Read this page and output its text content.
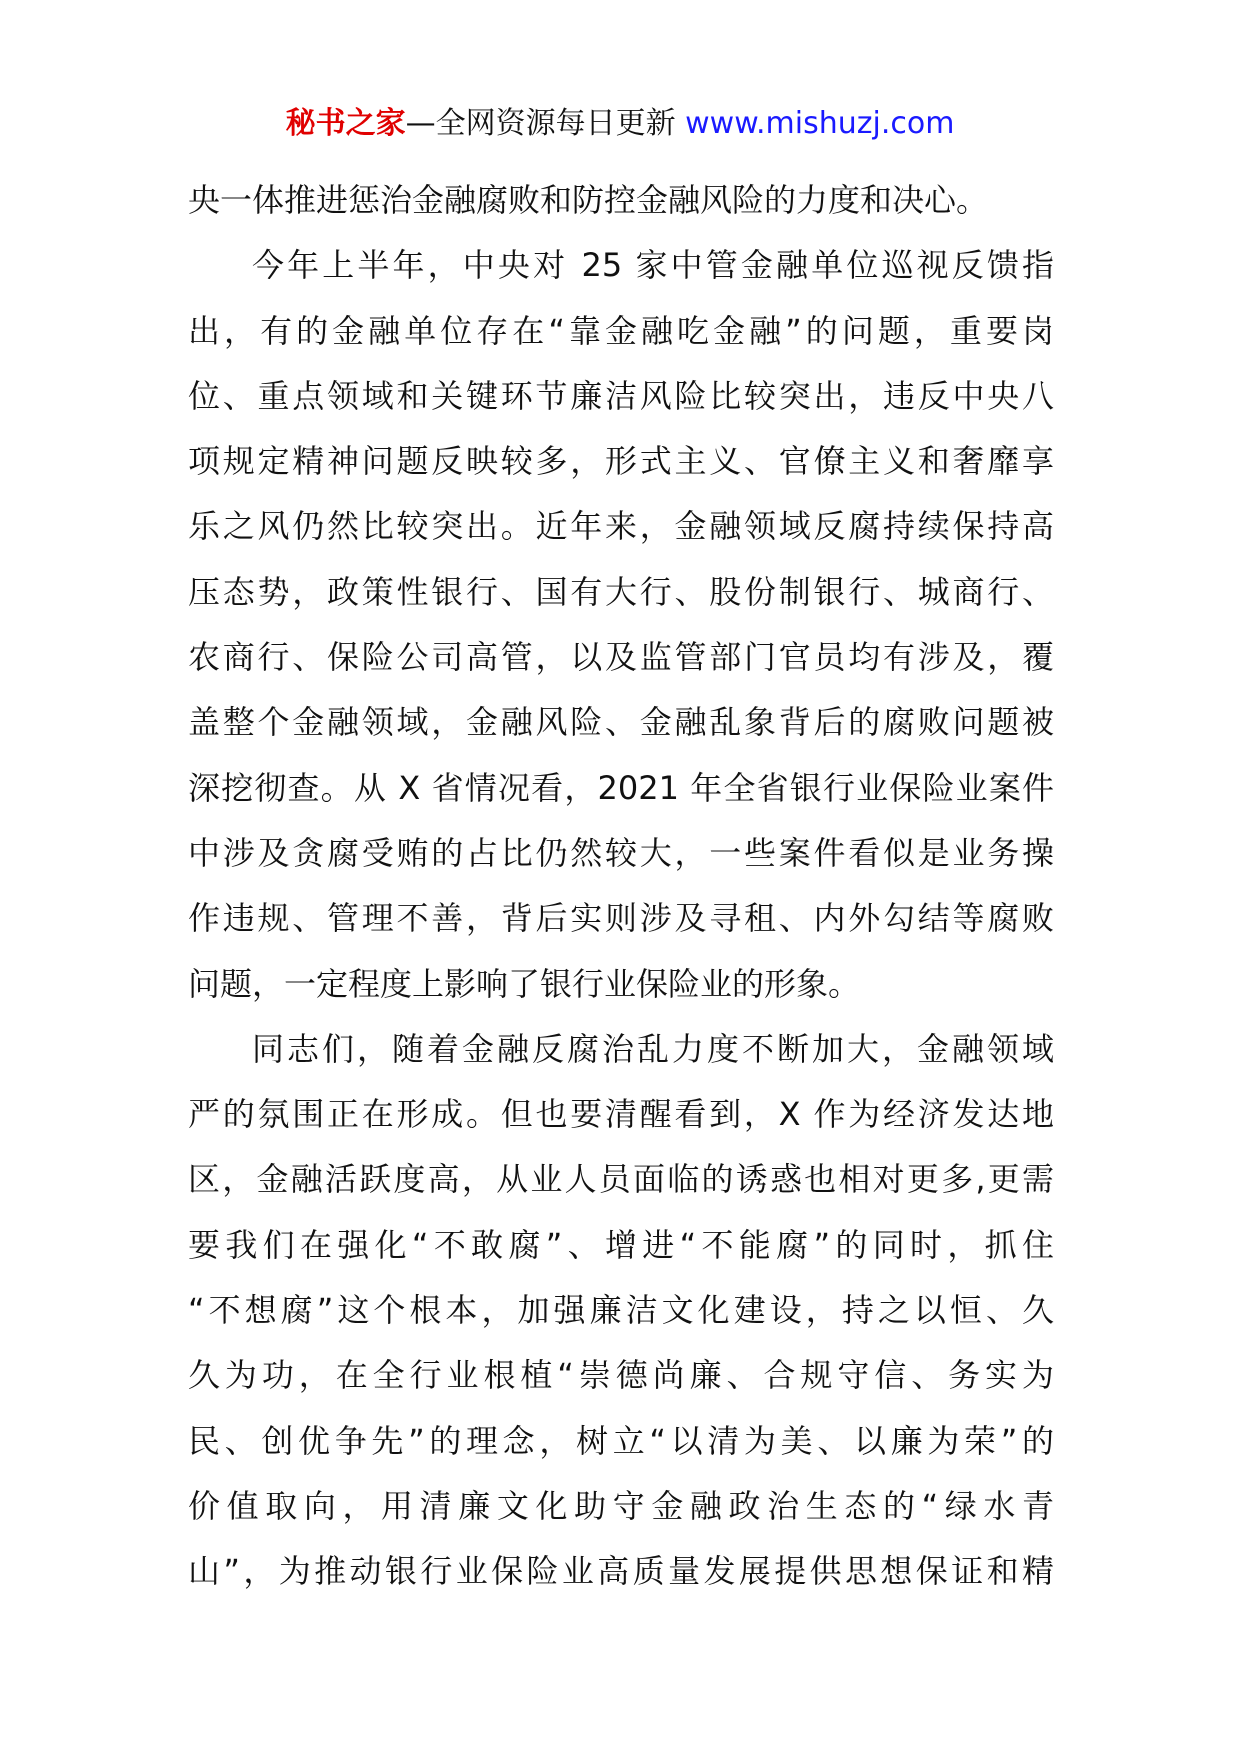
秘书之家—全网资源每日更新 www.mishuzj.com
央一体推进惩治金融腐败和防控金融风险的力度和决心。
今年上半年，中央对 25 家中管金融单位巡视反馈指
出，有的金融单位存在“靠金融吃金融”的问题，重要岗
位、重点领域和关键环节廉洁风险比较突出，违反中央八
项规定精神问题反映较多，形式主义、官僚主义和奢靡享
乐之风仍然比较突出。近年来，金融领域反腐持续保持高
压态势，政策性银行、国有大行、股份制银行、城商行、
农商行、保险公司高管，以及监管部门官员均有涉及，覆
盖整个金融领域，金融风险、金融乱象背后的腐败问题被
深挖彻查。从 X 省情况看，2021 年全省银行业保险业案件
中涉及贪腐受贿的占比仍然较大，一些案件看似是业务操
作违规、管理不善，背后实则涉及寻租、内外勾结等腐败
问题，一定程度上影响了银行业保险业的形象。
同志们，随着金融反腐治乱力度不断加大，金融领域
严的氛围正在形成。但也要清醒看到，X 作为经济发达地
区，金融活跃度高，从业人员面临的诱惑也相对更多,更需
要我们在强化“不敢腐”、增进“不能腐”的同时，抓住
“不想腐”这个根本，加强廉洁文化建设，持之以恒、久
久为功，在全行业根植“崇德尚廉、合规守信、务实为
民、创优争先”的理念，树立“以清为美、以廉为荣”的
价值取向，用清廉文化助守金融政治生态的“绿水青
山”，为推动银行业保险业高质量发展提供思想保证和精
